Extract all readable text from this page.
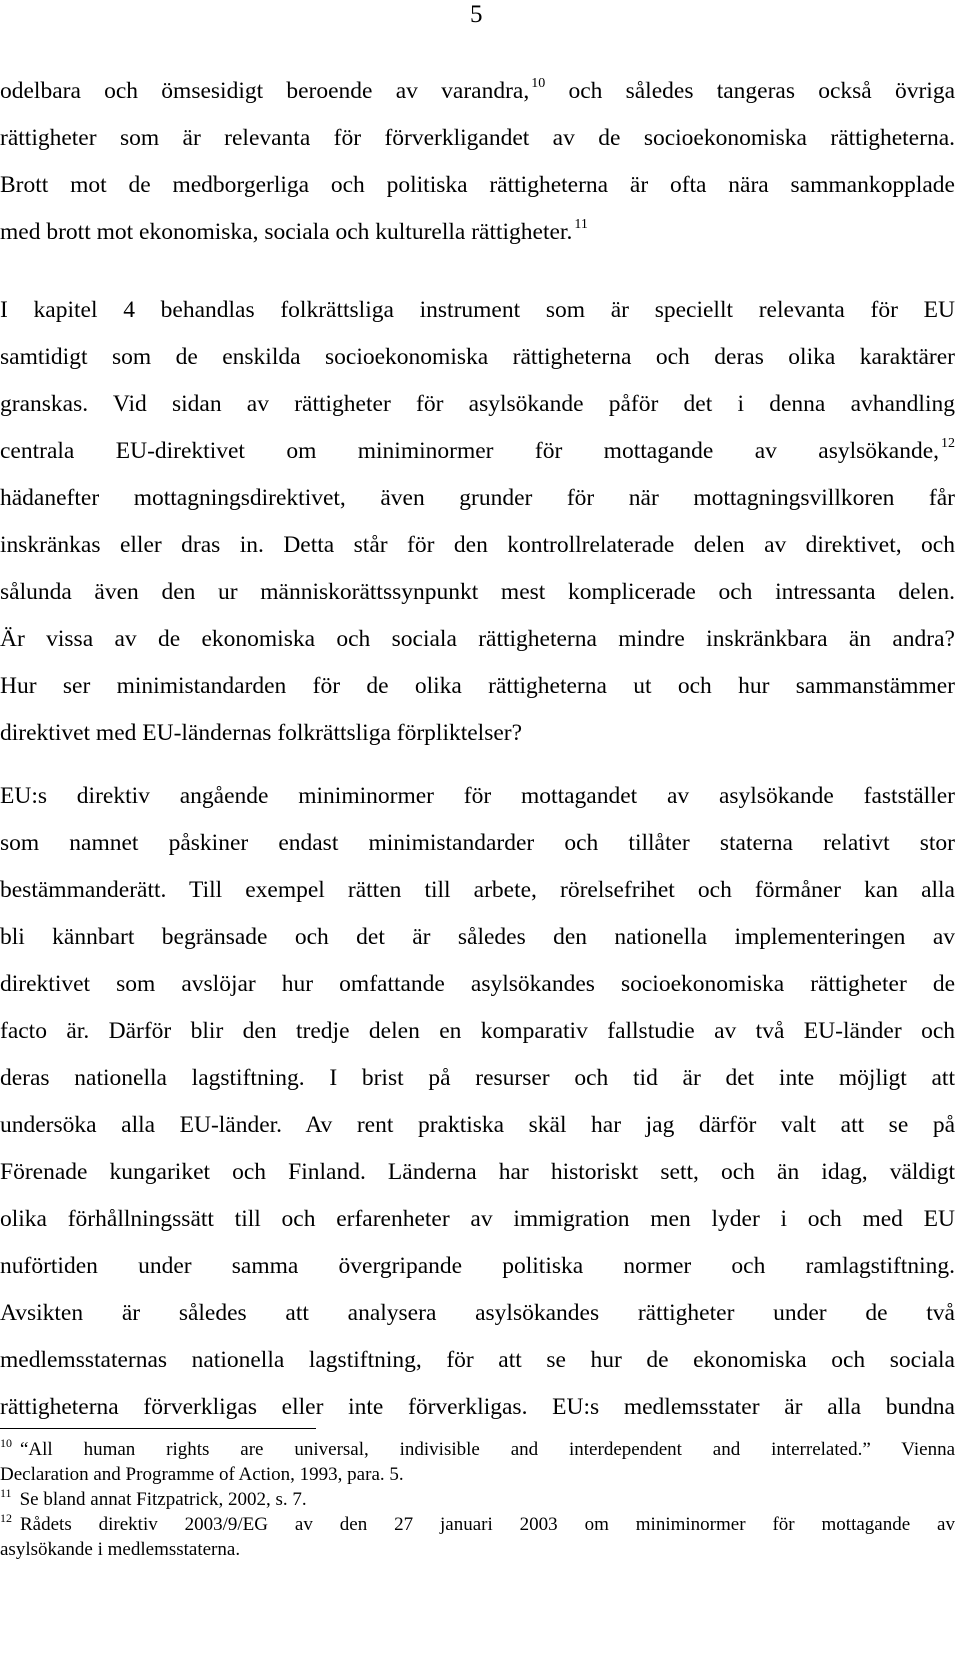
5
odelbara och ömsesidigt beroende av varandra, $^{10}$ och således tangeras också övriga
rättigheter som är relevanta för förverkligandet av de socioekonomiska rättigheterna.
Brott mot de medborgerliga och politiska rättigheterna är ofta nära sammankopplade
med brott mot ekonomiska, sociala och kulturella rättigheter. $^{11}$
I kapitel 4 behandlas folkrättsliga instrument som är speciellt relevanta för EU
samtidigt som de enskilda socioekonomiska rättigheterna och deras olika karaktärer
granskas. Vid sidan av rättigheter för asylsökande påför det i denna avhandling
centrala EU-direktivet om miniminormer för mottagande av asylsökande, $^{12}$
hädanefter mottagningsdirektivet, även grunder för när mottagningsvillkoren får
inskränkas eller dras in. Detta står för den kontrollrelaterade delen av direktivet, och
sålunda även den ur människorättssynpunkt mest komplicerade och intressanta delen.
Är vissa av de ekonomiska och sociala rättigheterna mindre inskränkbara än andra?
Hur ser minimistandarden för de olika rättigheterna ut och hur sammanstämmer
direktivet med EU-ländernas folkrättsliga förpliktelser?
EU:s direktiv angående miniminormer för mottagandet av asylsökande fastställer
som namnet påskiner endast minimistandarder och tillåter staterna relativt stor
bestämmanderätt. Till exempel rätten till arbete, rörelsefrihet och förmåner kan alla
bli kännbart begränsade och det är således den nationella implementeringen av
direktivet som avslöjar hur omfattande asylsökandes socioekonomiska rättigheter de
facto är. Därför blir den tredje delen en komparativ fallstudie av två EU-länder och
deras nationella lagstiftning. I brist på resurser och tid är det inte möjligt att
undersöka alla EU-länder. Av rent praktiska skäl har jag därför valt att se på
Förenade kungariket och Finland. Länderna har historiskt sett, och än idag, väldigt
olika förhållningssätt till och erfarenheter av immigration men lyder i och med EU
nuförtiden under samma övergripande politiska normer och ramlagstiftning.
Avsikten är således att analysera asylsökandes rättigheter under de två
medlemsstaternas nationella lagstiftning, för att se hur de ekonomiska och sociala
rättigheterna förverkligas eller inte förverkligas. EU:s medlemsstater är alla bundna
$^{10}$ “All human rights are universal, indivisible and interdependent and interrelated.” Vienna
Declaration and Programme of Action, 1993, para. 5.
$^{11}$ Se bland annat Fitzpatrick, 2002, s. 7.
$^{12}$ Rådets direktiv 2003/9/EG av den 27 januari 2003 om miniminormer för mottagande av
asylsökande i medlemsstaterna.
